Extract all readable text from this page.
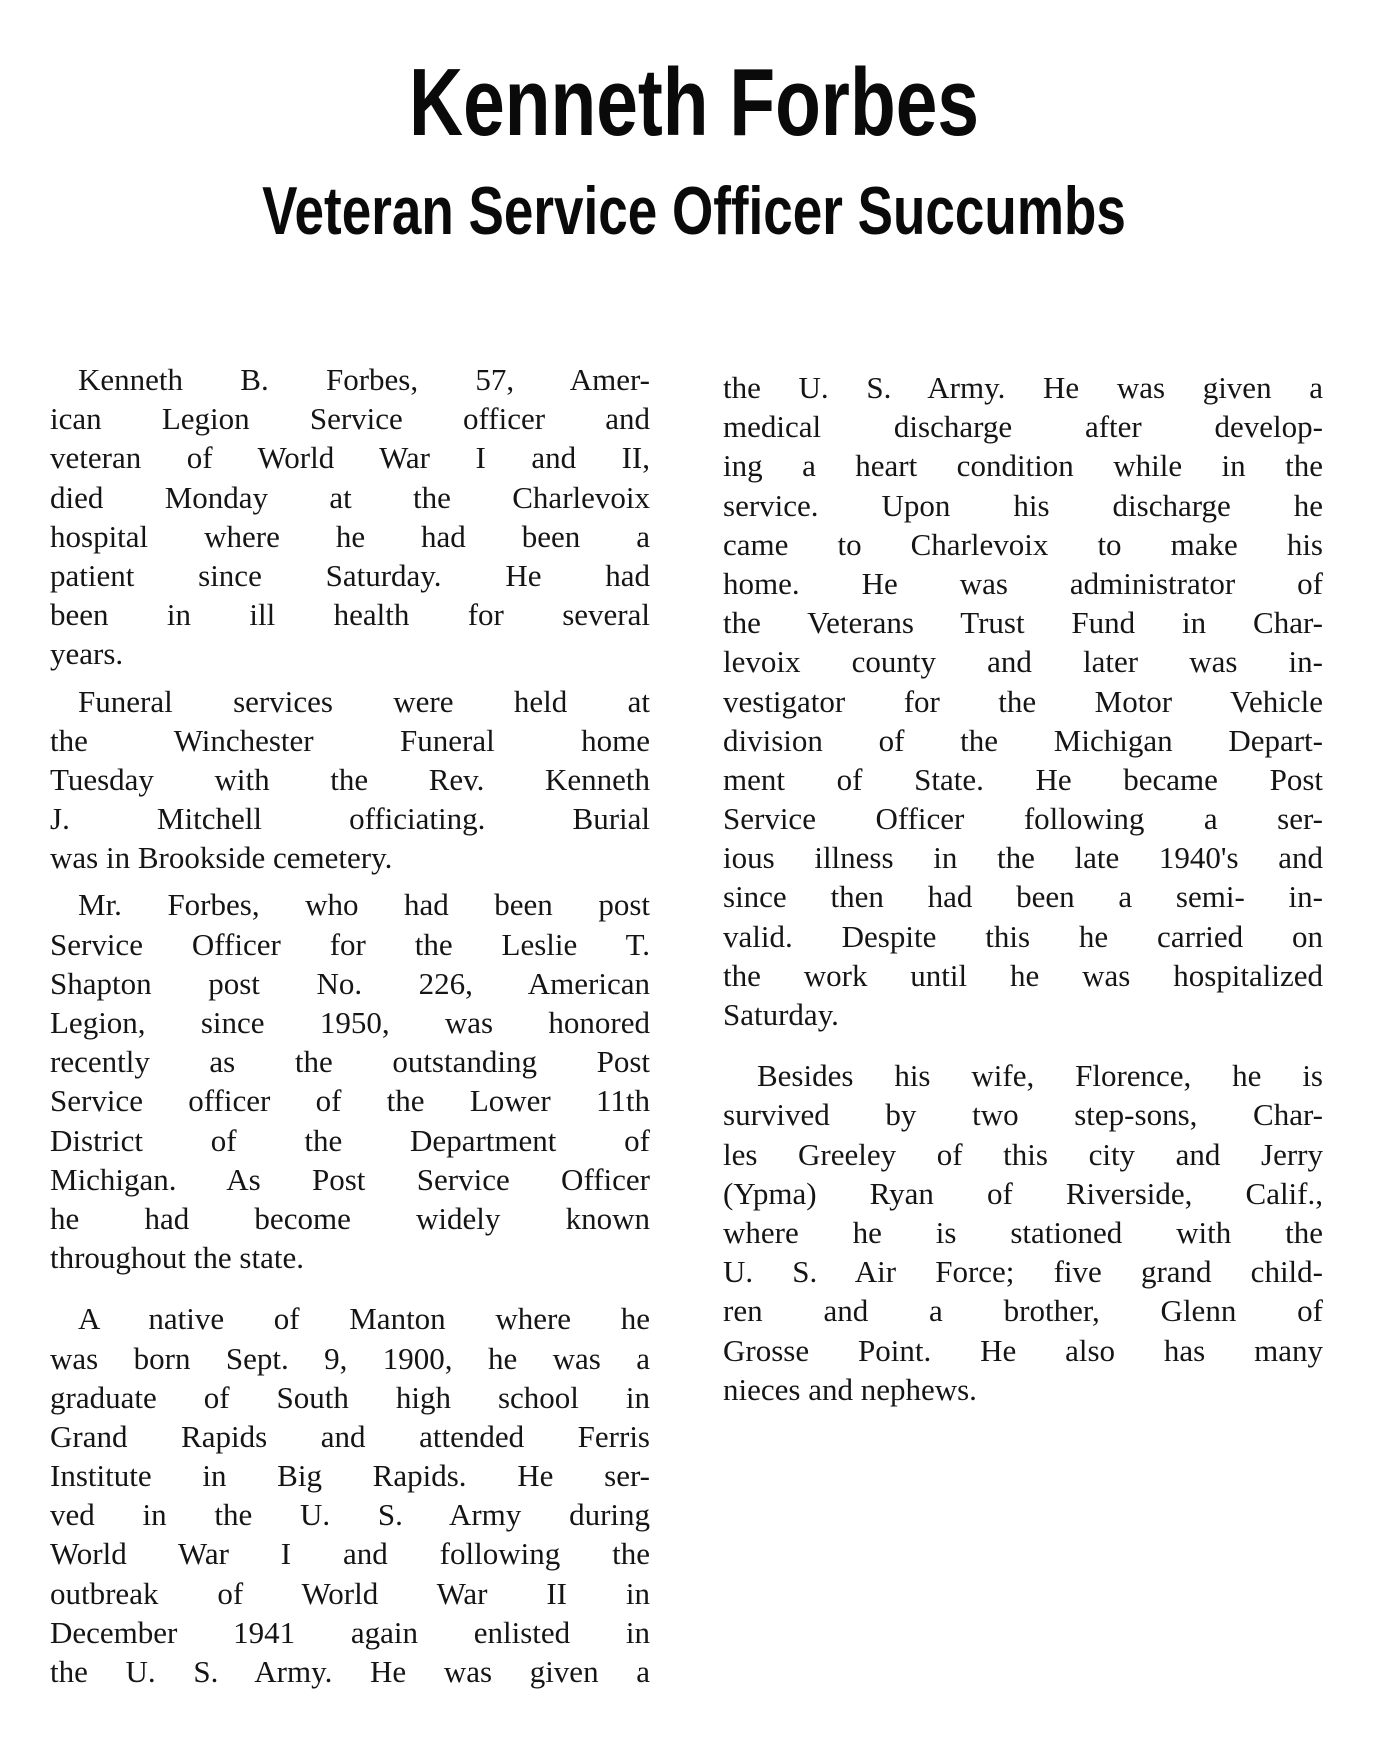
Kenneth Forbes
Veteran Service Officer Succumbs
Kenneth B. Forbes, 57, Amer-
ican Legion Service officer and
veteran of World War I and II,
died Monday at the Charlevoix
hospital where he had been a
patient since Saturday. He had
been in ill health for several
years.
Funeral services were held at
the Winchester Funeral home
Tuesday with the Rev. Kenneth
J. Mitchell officiating. Burial
was in Brookside cemetery.
Mr. Forbes, who had been post
Service Officer for the Leslie T.
Shapton post No. 226, American
Legion, since 1950, was honored
recently as the outstanding Post
Service officer of the Lower 11th
District of the Department of
Michigan. As Post Service Officer
he had become widely known
throughout the state.
A native of Manton where he
was born Sept. 9, 1900, he was a
graduate of South high school in
Grand Rapids and attended Ferris
Institute in Big Rapids. He ser-
ved in the U. S. Army during
World War I and following the
outbreak of World War II in
December 1941 again enlisted in
the U. S. Army. He was given a
the U. S. Army. He was given a
medical discharge after develop-
ing a heart condition while in the
service. Upon his discharge he
came to Charlevoix to make his
home. He was administrator of
the Veterans Trust Fund in Char-
levoix county and later was in-
vestigator for the Motor Vehicle
division of the Michigan Depart-
ment of State. He became Post
Service Officer following a ser-
ious illness in the late 1940's and
since then had been a semi- in-
valid. Despite this he carried on
the work until he was hospitalized
Saturday.
Besides his wife, Florence, he is
survived by two step-sons, Char-
les Greeley of this city and Jerry
(Ypma) Ryan of Riverside, Calif.,
where he is stationed with the
U. S. Air Force; five grand child-
ren and a brother, Glenn of
Grosse Point. He also has many
nieces and nephews.
